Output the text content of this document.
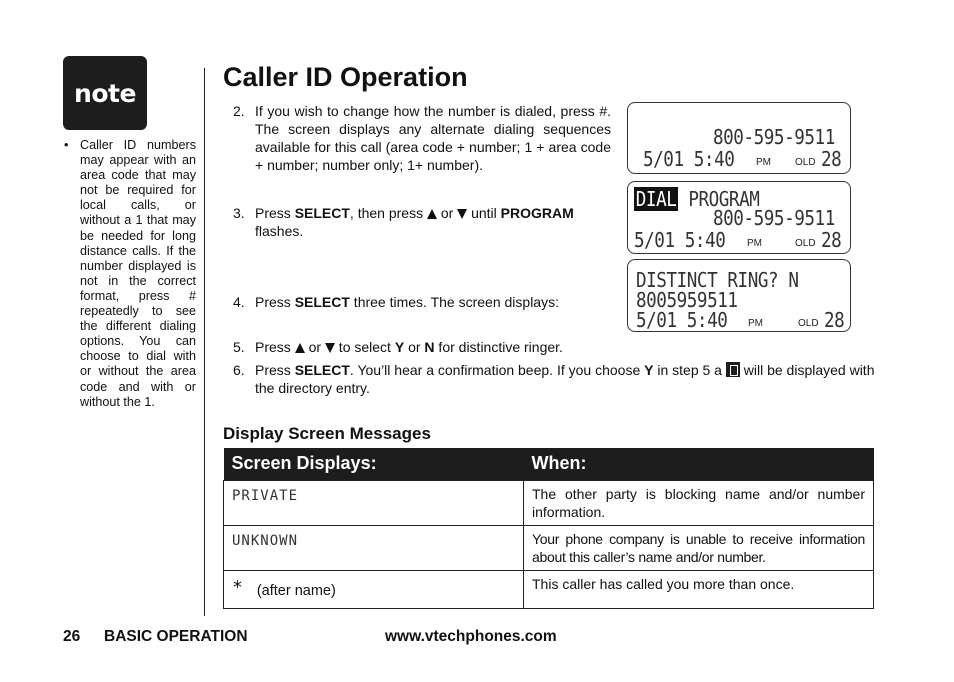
note
• Caller ID numbers may appear with an area code that may not be required for local calls, or without a 1 that may be needed for long distance calls. If the number displayed is not in the correct format, press # repeatedly to see the different dialing options. You can choose to dial with or without the area code and with or without the 1.
Caller ID Operation
2. If you wish to change how the number is dialed, press #. The screen displays any alternate dialing sequences available for this call (area code + number; 1 + area code + number; number only; 1+ number).
3. Press SELECT, then press  or  until PROGRAM flashes.
4. Press SELECT three times. The screen displays:
5. Press  or  to select Y or N for distinctive ringer.
6. Press SELECT. You’ll hear a confirmation beep. If you choose Y in step 5 a  will be displayed with the directory entry.
800-595-9511
5/01 5:40 PM OLD 28
DIAL PROGRAM
800-595-9511
5/01 5:40 PM	OLD 28
DISTINCT RING? N
8005959511
5/01 5:40 PM	OLD 28
Display Screen Messages
Screen Displays:	When:
PRIVATE	The other party is blocking name and/or number information.
UNKNOWN	Your phone company is unable to receive information about this caller’s name and/or number.
* (after name)	This caller has called you more than once.
26 BASIC OPERATION	www.vtechphones.com
